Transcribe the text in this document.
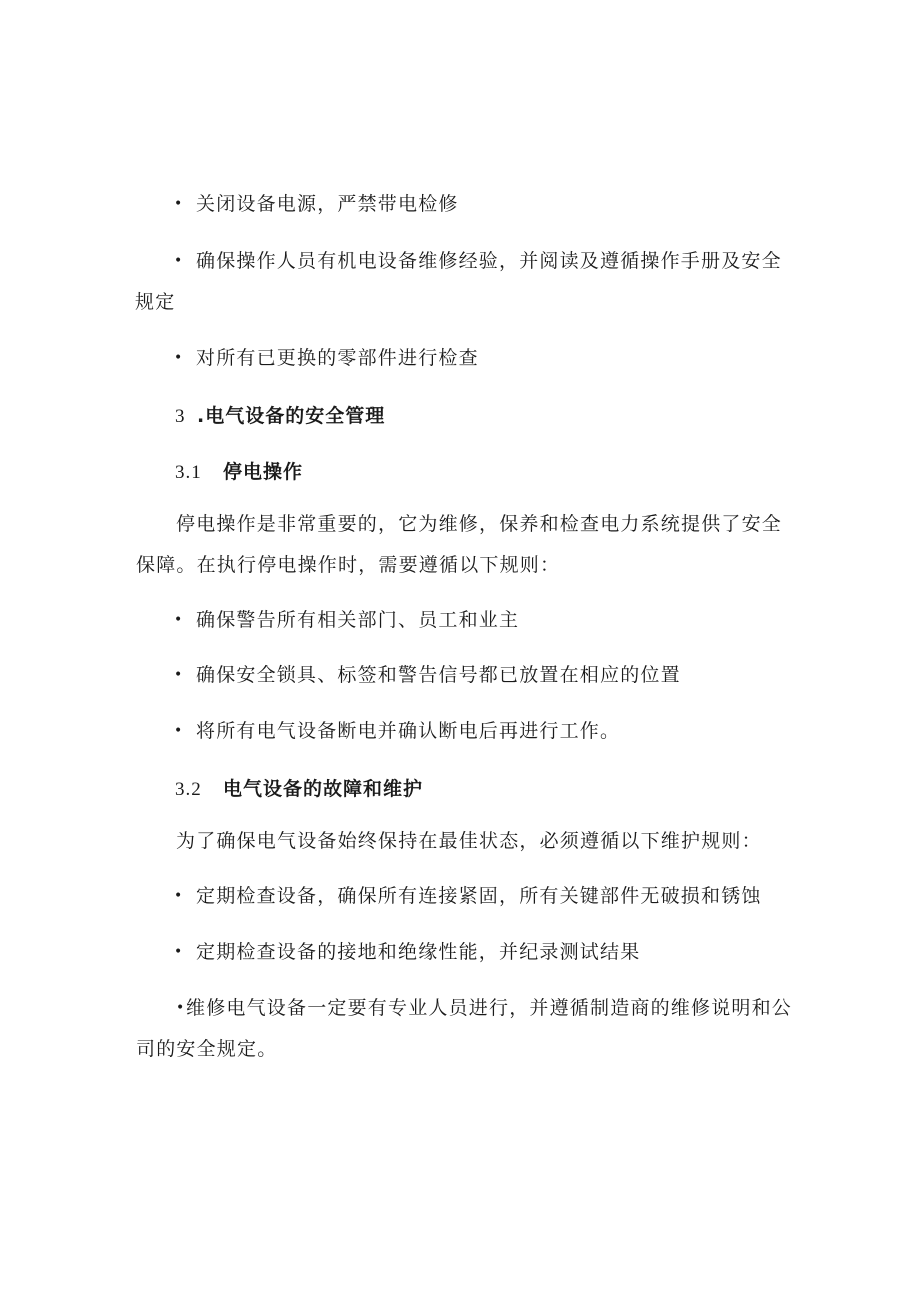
• 关闭设备电源，严禁带电检修
• 确保操作人员有机电设备维修经验，并阅读及遵循操作手册及安全
规定
• 对所有已更换的零部件进行检查
3 .电气设备的安全管理
3.1 停电操作
停电操作是非常重要的，它为维修，保养和检查电力系统提供了安全
保障。在执行停电操作时，需要遵循以下规则：
• 确保警告所有相关部门、员工和业主
• 确保安全锁具、标签和警告信号都已放置在相应的位置
• 将所有电气设备断电并确认断电后再进行工作。
3.2 电气设备的故障和维护
为了确保电气设备始终保持在最佳状态，必须遵循以下维护规则：
• 定期检查设备，确保所有连接紧固，所有关键部件无破损和锈蚀
• 定期检查设备的接地和绝缘性能，并纪录测试结果
•维修电气设备一定要有专业人员进行，并遵循制造商的维修说明和公
司的安全规定。
